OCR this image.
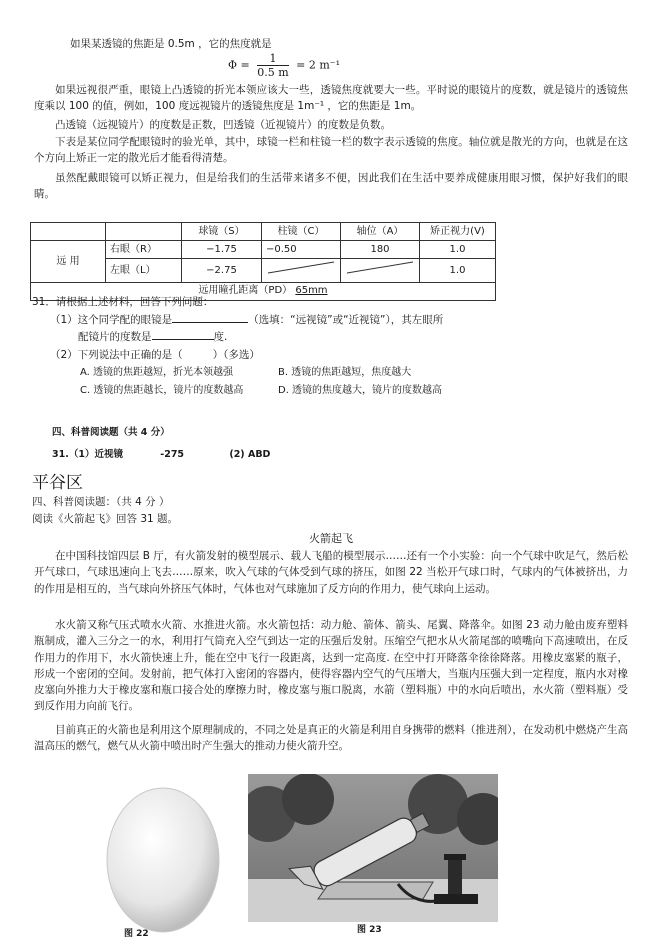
如果某透镜的焦距是 0.5m ，它的焦度就是
$\Phi = \frac{1}{0.5 m} = 2$ m⁻¹
如果远视很严重，眼镜上凸透镜的折光本领应该大一些，透镜焦度就要大一些。平时说的眼镜片的度数，就是镜片的透镜焦度乘以 100 的值，例如，100 度远视镜片的透镜焦度是 1m⁻¹ ，它的焦距是 1m。
凸透镜（远视镜片）的度数是正数，凹透镜（近视镜片）的度数是负数。
下表是某位同学配眼镜时的验光单，其中，球镜一栏和柱镜一栏的数字表示透镜的焦度。轴位就是散光的方向，也就是在这个方向上矫正一定的散光后才能看得清楚。
虽然配戴眼镜可以矫正视力，但是给我们的生活带来诸多不便，因此我们在生活中要养成健康用眼习惯，保护好我们的眼睛。
		球镜（S）	柱镜（C）	轴位（A）	矫正视力(V)	
远 用	右眼（R）	−1.75	−0.50	180	1.0	
	左眼（L）	−2.75			1.0	
远用瞳孔距离（PD） 65mm						
31．请根据上述材料，回答下列问题：
（1）这个同学配的眼镜是	（选填：“远视镜”或“近视镜”），其左眼所
配镜片的度数是	度.
（2）下列说法中正确的是（	）（多选）
A. 透镜的焦距越短，折光本领越强	B. 透镜的焦距越短，焦度越大
C. 透镜的焦距越长，镜片的度数越高	D. 透镜的焦度越大，镜片的度数越高
四、科普阅读题（共 4 分）
31.（1）近视镜	-275	(2) ABD
平谷区
四、科普阅读题：（共 4 分 ）
阅读《火箭起飞》回答 31 题。
火箭起飞
在中国科技馆四层 B 厅，有火箭发射的模型展示、载人飞船的模型展示……还有一个小实验：向一个气球中吹足气，然后松开气球口，气球迅速向上飞去……原来，吹入气球的气体受到气球的挤压，如图 22 当松开气球口时，气球内的气体被挤出，力的作用是相互的，当气球向外挤压气体时，气体也对气球施加了反方向的作用力，使气球向上运动。
水火箭又称气压式喷水火箭、水推进火箭。水火箭包括：动力舱、箭体、箭头、尾翼、降落伞。如图 23 动力舱由废弃塑料瓶制成，灌入三分之一的水，利用打气筒充入空气到达一定的压强后发射。压缩空气把水从火箭尾部的喷嘴向下高速喷出，在反作用力的作用下，水火箭快速上升，能在空中飞行一段距离，达到一定高度. 在空中打开降落伞徐徐降落。用橡皮塞紧的瓶子，形成一个密闭的空间。发射前，把气体打入密闭的容器内，使得容器内空气的气压增大，当瓶内压强大到一定程度，瓶内水对橡皮塞向外推力大于橡皮塞和瓶口接合处的摩擦力时，橡皮塞与瓶口脱离，水箭（塑料瓶）中的水向后喷出，水火箭（塑料瓶）受到反作用力向前飞行。
目前真正的火箭也是利用这个原理制成的，不同之处是真正的火箭是利用自身携带的燃料（推进剂），在发动机中燃烧产生高温高压的燃气，燃气从火箭中喷出时产生强大的推动力使火箭升空。
图 22	图 23
